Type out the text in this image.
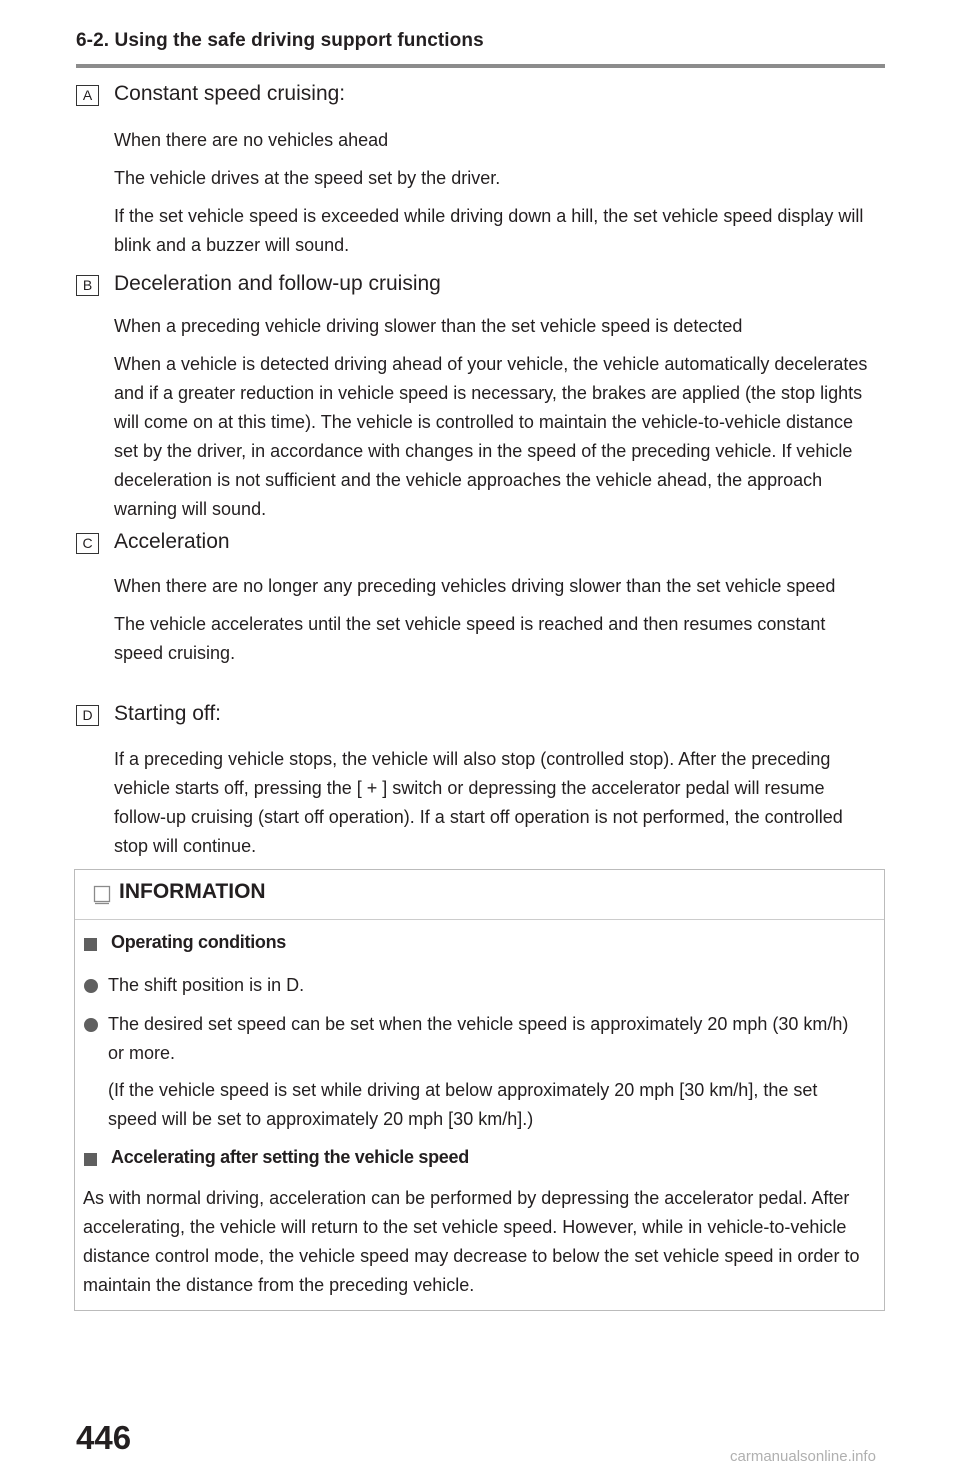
6-2. Using the safe driving support functions
A	Constant speed cruising:

When there are no vehicles ahead

The vehicle drives at the speed set by the driver.

If the set vehicle speed is exceeded while driving down a hill, the set vehicle speed display will blink and a buzzer will sound.

B	Deceleration and follow-up cruising

When a preceding vehicle driving slower than the set vehicle speed is detected

When a vehicle is detected driving ahead of your vehicle, the vehicle automatically decelerates and if a greater reduction in vehicle speed is necessary, the brakes are applied (the stop lights will come on at this time). The vehicle is controlled to maintain the vehicle-to-vehicle distance set by the driver, in accordance with changes in the speed of the preceding vehicle. If vehicle deceleration is not sufficient and the vehicle approaches the vehicle ahead, the approach warning will sound.

C	Acceleration

When there are no longer any preceding vehicles driving slower than the set vehicle speed

The vehicle accelerates until the set vehicle speed is reached and then resumes constant speed cruising.

D	Starting off:

If a preceding vehicle stops, the vehicle will also stop (controlled stop). After the preceding vehicle starts off, pressing the [ + ] switch or depressing the accelerator pedal will resume follow-up cruising (start off operation). If a start off operation is not performed, the controlled stop will continue.

INFORMATION
Operating conditions
The shift position is in D.
The desired set speed can be set when the vehicle speed is approximately 20 mph (30 km/h) or more.
(If the vehicle speed is set while driving at below approximately 20 mph [30 km/h], the set speed will be set to approximately 20 mph [30 km/h].)
Accelerating after setting the vehicle speed
As with normal driving, acceleration can be performed by depressing the accelerator pedal. After accelerating, the vehicle will return to the set vehicle speed. However, while in vehicle-to-vehicle distance control mode, the vehicle speed may decrease to below the set vehicle speed in order to maintain the distance from the preceding vehicle.
446
carmanualsonline.info
